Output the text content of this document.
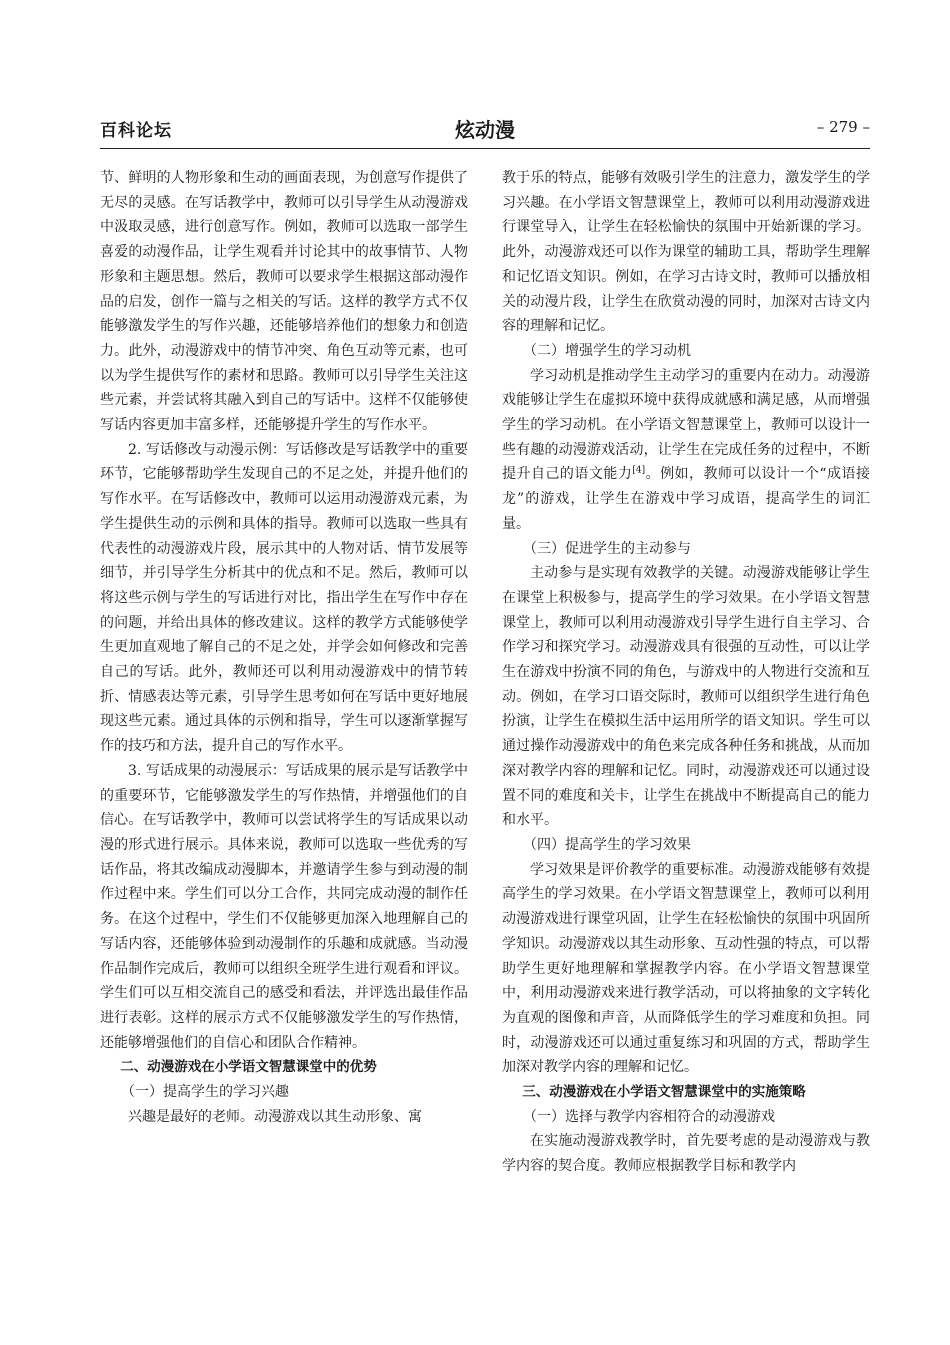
百科论坛	炫动漫	– 279 –

节、鲜明的人物形象和生动的画面表现，为创意写作提供了无尽的灵感。在写话教学中，教师可以引导学生从动漫游戏中汲取灵感，进行创意写作。例如，教师可以选取一部学生喜爱的动漫作品，让学生观看并讨论其中的故事情节、人物形象和主题思想。然后，教师可以要求学生根据这部动漫作品的启发，创作一篇与之相关的写话。这样的教学方式不仅能够激发学生的写作兴趣，还能够培养他们的想象力和创造力。此外，动漫游戏中的情节冲突、角色互动等元素，也可以为学生提供写作的素材和思路。教师可以引导学生关注这些元素，并尝试将其融入到自己的写话中。这样不仅能够使写话内容更加丰富多样，还能够提升学生的写作水平。

2. 写话修改与动漫示例：写话修改是写话教学中的重要环节，它能够帮助学生发现自己的不足之处，并提升他们的写作水平。在写话修改中，教师可以运用动漫游戏元素，为学生提供生动的示例和具体的指导。教师可以选取一些具有代表性的动漫游戏片段，展示其中的人物对话、情节发展等细节，并引导学生分析其中的优点和不足。然后，教师可以将这些示例与学生的写话进行对比，指出学生在写作中存在的问题，并给出具体的修改建议。这样的教学方式能够使学生更加直观地了解自己的不足之处，并学会如何修改和完善自己的写话。此外，教师还可以利用动漫游戏中的情节转折、情感表达等元素，引导学生思考如何在写话中更好地展现这些元素。通过具体的示例和指导，学生可以逐渐掌握写作的技巧和方法，提升自己的写作水平。

3. 写话成果的动漫展示：写话成果的展示是写话教学中的重要环节，它能够激发学生的写作热情，并增强他们的自信心。在写话教学中，教师可以尝试将学生的写话成果以动漫的形式进行展示。具体来说，教师可以选取一些优秀的写话作品，将其改编成动漫脚本，并邀请学生参与到动漫的制作过程中来。学生们可以分工合作，共同完成动漫的制作任务。在这个过程中，学生们不仅能够更加深入地理解自己的写话内容，还能够体验到动漫制作的乐趣和成就感。当动漫作品制作完成后，教师可以组织全班学生进行观看和评议。学生们可以互相交流自己的感受和看法，并评选出最佳作品进行表彰。这样的展示方式不仅能够激发学生的写作热情，还能够增强他们的自信心和团队合作精神。

二、动漫游戏在小学语文智慧课堂中的优势

（一）提高学生的学习兴趣

兴趣是最好的老师。动漫游戏以其生动形象、寓

教于乐的特点，能够有效吸引学生的注意力，激发学生的学习兴趣。在小学语文智慧课堂上，教师可以利用动漫游戏进行课堂导入，让学生在轻松愉快的氛围中开始新课的学习。此外，动漫游戏还可以作为课堂的辅助工具，帮助学生理解和记忆语文知识。例如，在学习古诗文时，教师可以播放相关的动漫片段，让学生在欣赏动漫的同时，加深对古诗文内容的理解和记忆。

（二）增强学生的学习动机

学习动机是推动学生主动学习的重要内在动力。动漫游戏能够让学生在虚拟环境中获得成就感和满足感，从而增强学生的学习动机。在小学语文智慧课堂上，教师可以设计一些有趣的动漫游戏活动，让学生在完成任务的过程中，不断提升自己的语文能力[4]。例如，教师可以设计一个“成语接龙”的游戏，让学生在游戏中学习成语，提高学生的词汇量。

（三）促进学生的主动参与

主动参与是实现有效教学的关键。动漫游戏能够让学生在课堂上积极参与，提高学生的学习效果。在小学语文智慧课堂上，教师可以利用动漫游戏引导学生进行自主学习、合作学习和探究学习。动漫游戏具有很强的互动性，可以让学生在游戏中扮演不同的角色，与游戏中的人物进行交流和互动。例如，在学习口语交际时，教师可以组织学生进行角色扮演，让学生在模拟生活中运用所学的语文知识。学生可以通过操作动漫游戏中的角色来完成各种任务和挑战，从而加深对教学内容的理解和记忆。同时，动漫游戏还可以通过设置不同的难度和关卡，让学生在挑战中不断提高自己的能力和水平。

（四）提高学生的学习效果

学习效果是评价教学的重要标准。动漫游戏能够有效提高学生的学习效果。在小学语文智慧课堂上，教师可以利用动漫游戏进行课堂巩固，让学生在轻松愉快的氛围中巩固所学知识。动漫游戏以其生动形象、互动性强的特点，可以帮助学生更好地理解和掌握教学内容。在小学语文智慧课堂中，利用动漫游戏来进行教学活动，可以将抽象的文字转化为直观的图像和声音，从而降低学生的学习难度和负担。同时，动漫游戏还可以通过重复练习和巩固的方式，帮助学生加深对教学内容的理解和记忆。

三、动漫游戏在小学语文智慧课堂中的实施策略

（一）选择与教学内容相符合的动漫游戏

在实施动漫游戏教学时，首先要考虑的是动漫游戏与教学内容的契合度。教师应根据教学目标和教学内
